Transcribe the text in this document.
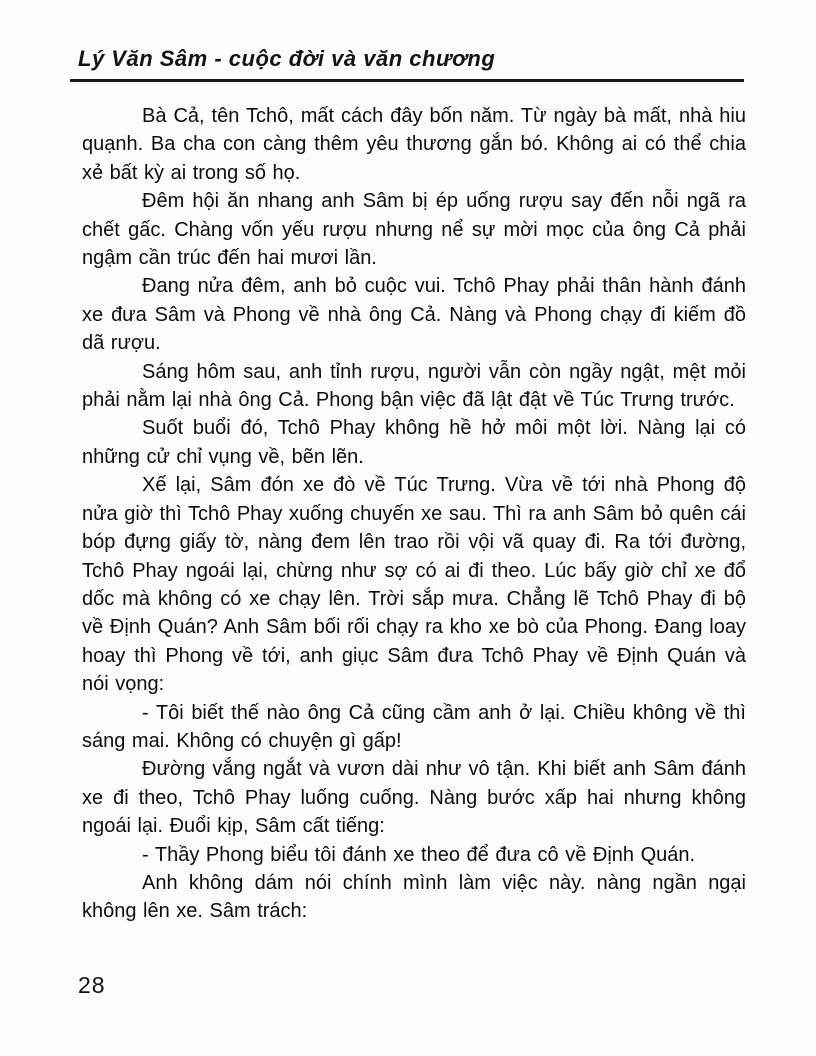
Lý Văn Sâm - cuộc đời và văn chương

Bà Cả, tên Tchô, mất cách đây bốn năm. Từ ngày bà mất, nhà hiu quạnh. Ba cha con càng thêm yêu thương gắn bó. Không ai có thể chia xẻ bất kỳ ai trong số họ.

Đêm hội ăn nhang anh Sâm bị ép uống rượu say đến nỗi ngã ra chết gấc. Chàng vốn yếu rượu nhưng nể sự mời mọc của ông Cả phải ngậm cần trúc đến hai mươi lần.

Đang nửa đêm, anh bỏ cuộc vui. Tchô Phay phải thân hành đánh xe đưa Sâm và Phong về nhà ông Cả. Nàng và Phong chạy đi kiếm đồ dã rượu.

Sáng hôm sau, anh tỉnh rượu, người vẫn còn ngầy ngật, mệt mỏi phải nằm lại nhà ông Cả. Phong bận việc đã lật đật về Túc Trưng trước.

Suốt buổi đó, Tchô Phay không hề hở môi một lời. Nàng lại có những cử chỉ vụng về, bẽn lẽn.

Xế lại, Sâm đón xe đò về Túc Trưng. Vừa về tới nhà Phong độ nửa giờ thì Tchô Phay xuống chuyến xe sau. Thì ra anh Sâm bỏ quên cái bóp đựng giấy tờ, nàng đem lên trao rồi vội vã quay đi. Ra tới đường, Tchô Phay ngoái lại, chừng như sợ có ai đi theo. Lúc bấy giờ chỉ xe đổ dốc mà không có xe chạy lên. Trời sắp mưa. Chẳng lẽ Tchô Phay đi bộ về Định Quán? Anh Sâm bối rối chạy ra kho xe bò của Phong. Đang loay hoay thì Phong về tới, anh giục Sâm đưa Tchô Phay về Định Quán và nói vọng:

- Tôi biết thế nào ông Cả cũng cầm anh ở lại. Chiều không về thì sáng mai. Không có chuyện gì gấp!

Đường vắng ngắt và vươn dài như vô tận. Khi biết anh Sâm đánh xe đi theo, Tchô Phay luống cuống. Nàng bước xấp hai nhưng không ngoái lại. Đuổi kịp, Sâm cất tiếng:

- Thầy Phong biểu tôi đánh xe theo để đưa cô về Định Quán.

Anh không dám nói chính mình làm việc này. nàng ngần ngại không lên xe. Sâm trách:

28
